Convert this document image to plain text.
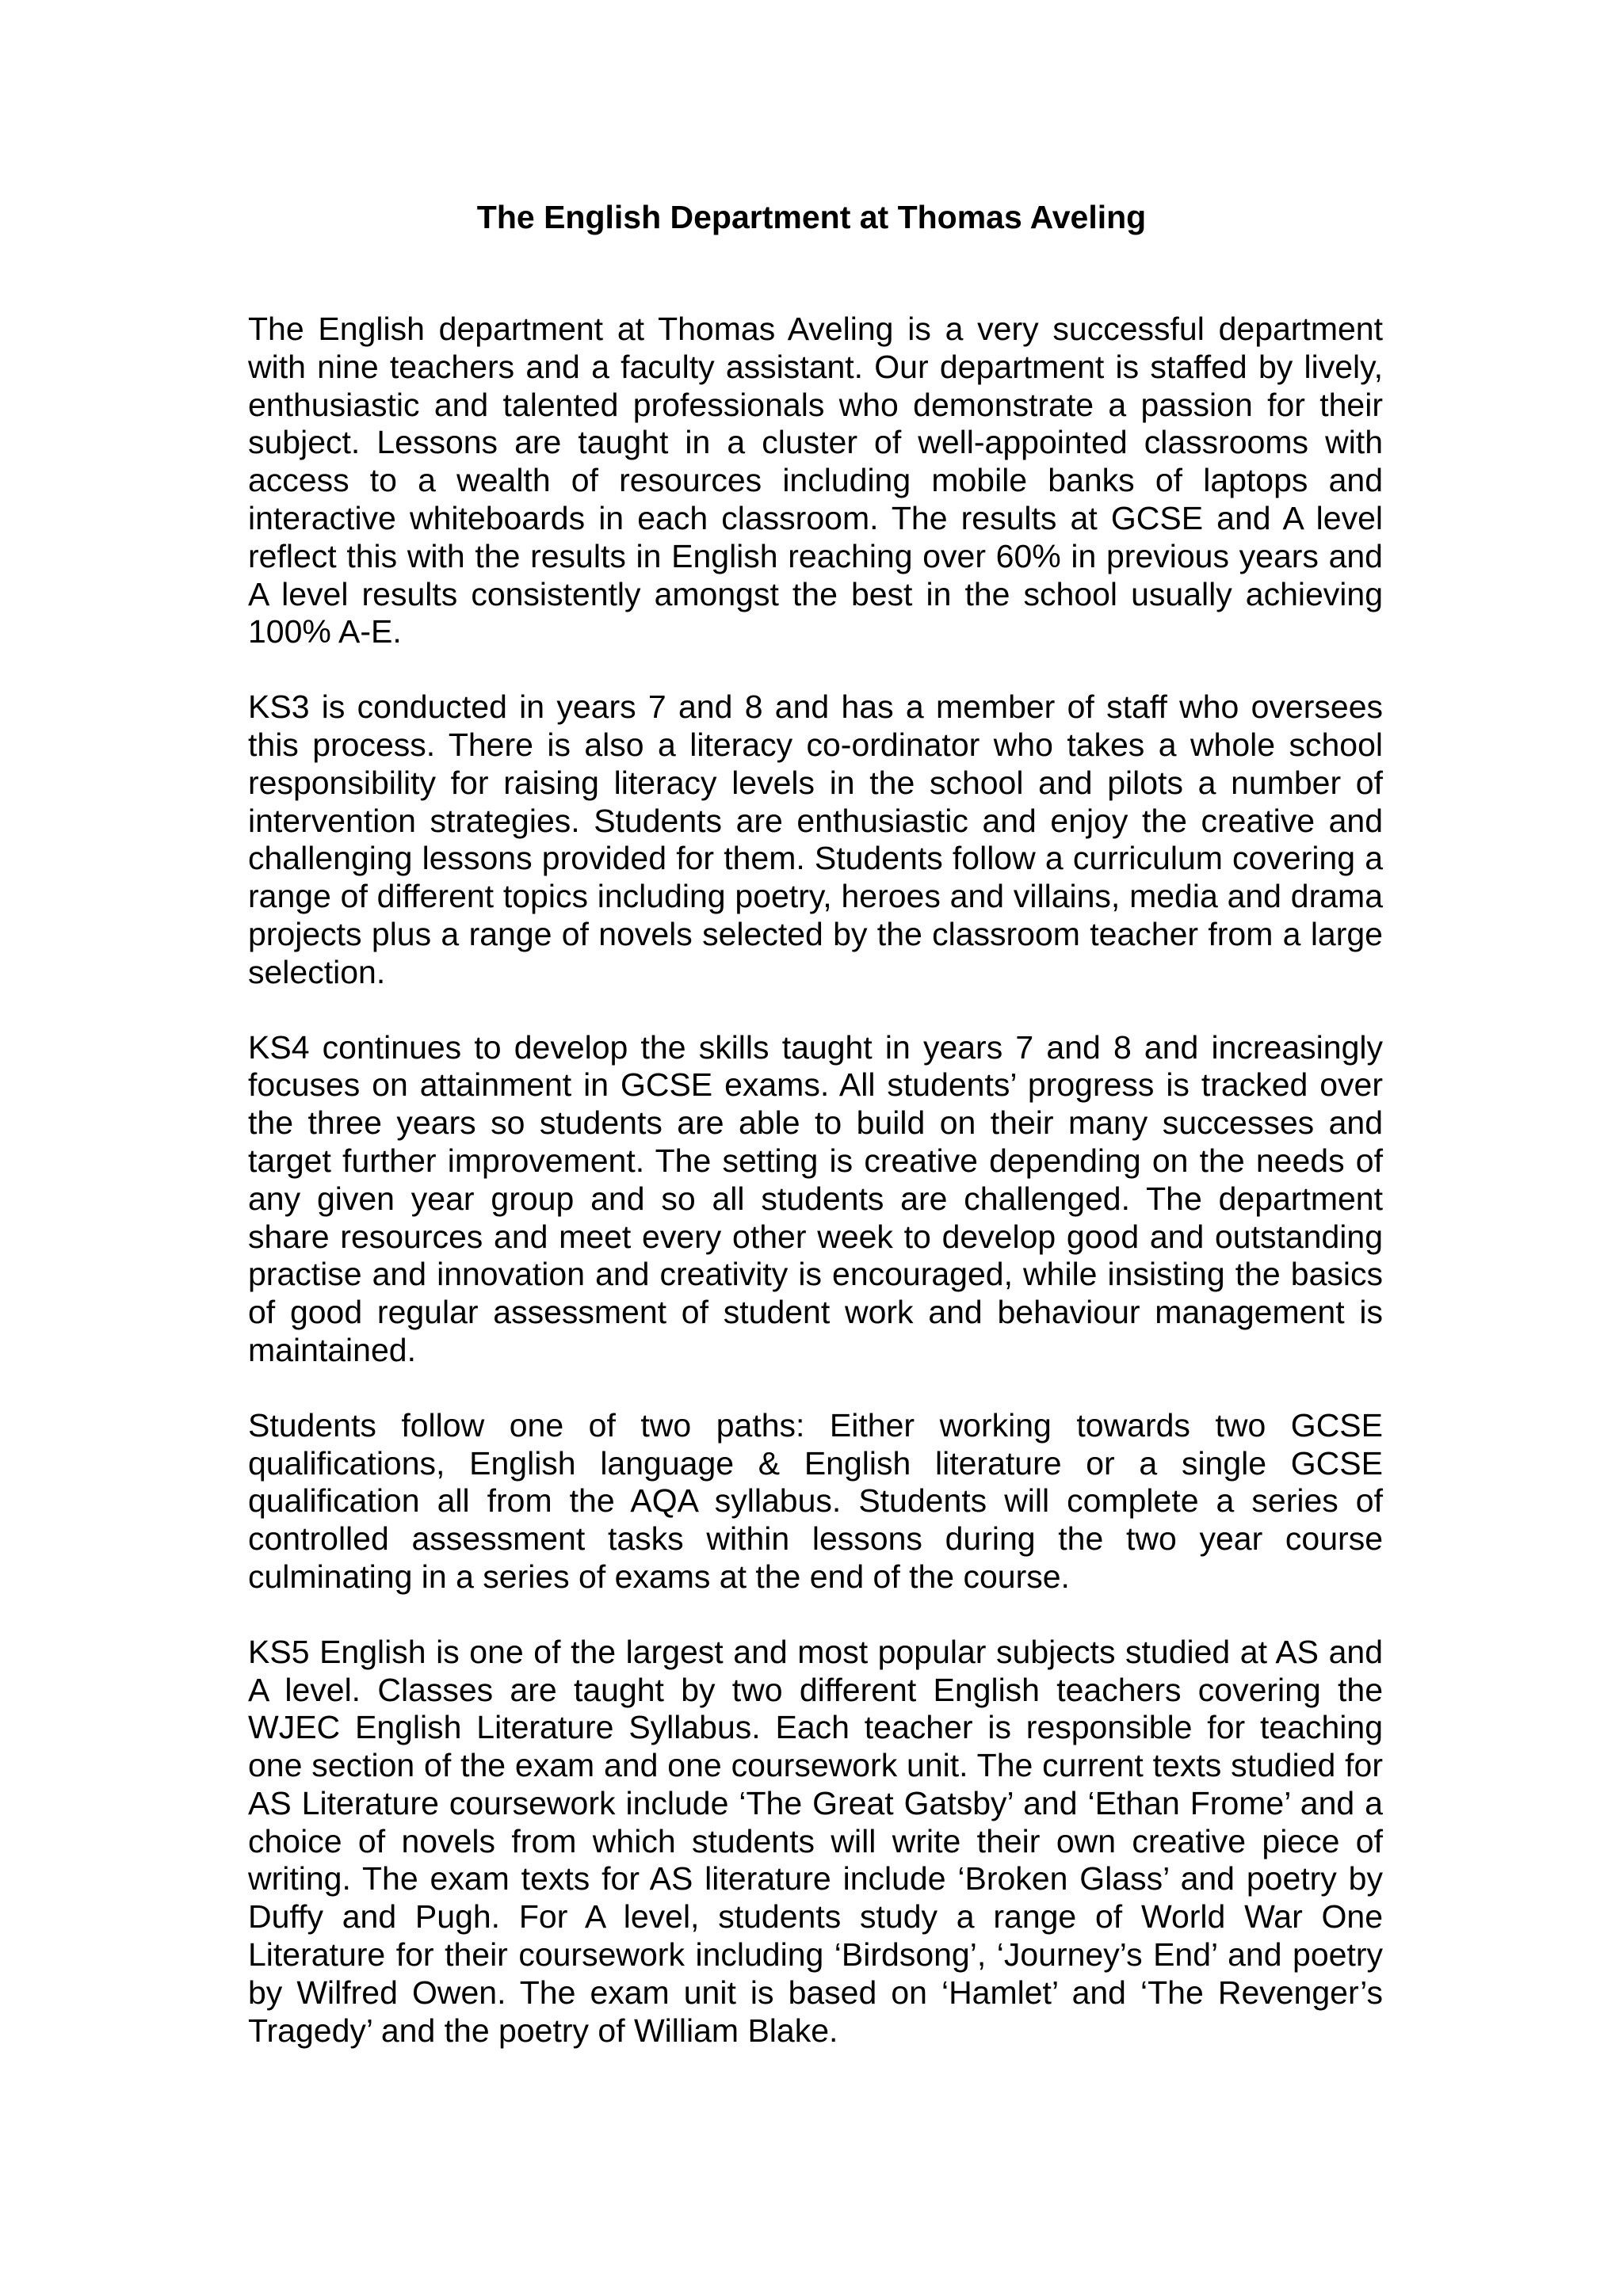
The English Department at Thomas Aveling

The English department at Thomas Aveling is a very successful department with nine teachers and a faculty assistant. Our department is staffed by lively, enthusiastic and talented professionals who demonstrate a passion for their subject. Lessons are taught in a cluster of well-appointed classrooms with access to a wealth of resources including mobile banks of laptops and interactive whiteboards in each classroom. The results at GCSE and A level reflect this with the results in English reaching over 60% in previous years and A level results consistently amongst the best in the school usually achieving 100% A-E.

KS3 is conducted in years 7 and 8 and has a member of staff who oversees this process. There is also a literacy co-ordinator who takes a whole school responsibility for raising literacy levels in the school and pilots a number of intervention strategies. Students are enthusiastic and enjoy the creative and challenging lessons provided for them. Students follow a curriculum covering a range of different topics including poetry, heroes and villains, media and drama projects plus a range of novels selected by the classroom teacher from a large selection.

KS4 continues to develop the skills taught in years 7 and 8 and increasingly focuses on attainment in GCSE exams. All students’ progress is tracked over the three years so students are able to build on their many successes and target further improvement. The setting is creative depending on the needs of any given year group and so all students are challenged. The department share resources and meet every other week to develop good and outstanding practise and innovation and creativity is encouraged, while insisting the basics of good regular assessment of student work and behaviour management is maintained.

Students follow one of two paths: Either working towards two GCSE qualifications, English language & English literature or a single GCSE qualification all from the AQA syllabus. Students will complete a series of controlled assessment tasks within lessons during the two year course culminating in a series of exams at the end of the course.

KS5 English is one of the largest and most popular subjects studied at AS and A level. Classes are taught by two different English teachers covering the WJEC English Literature Syllabus. Each teacher is responsible for teaching one section of the exam and one coursework unit. The current texts studied for AS Literature coursework include ‘The Great Gatsby’ and ‘Ethan Frome’ and a choice of novels from which students will write their own creative piece of writing. The exam texts for AS literature include ‘Broken Glass’ and poetry by Duffy and Pugh. For A level, students study a range of World War One Literature for their coursework including ‘Birdsong’, ‘Journey’s End’ and poetry by Wilfred Owen. The exam unit is based on ‘Hamlet’ and ‘The Revenger’s Tragedy’ and the poetry of William Blake.
